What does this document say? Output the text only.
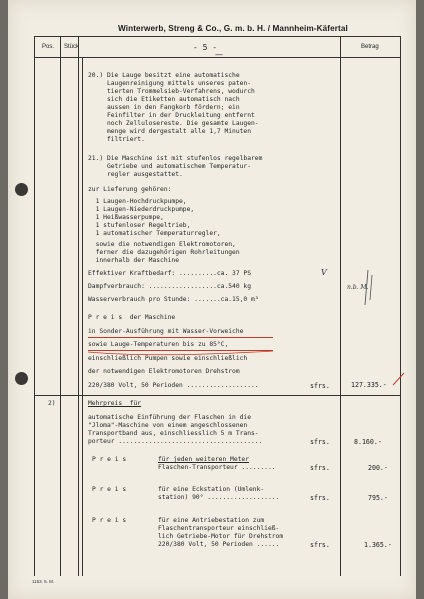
Winterwerb, Streng & Co., G. m. b. H. / Mannheim-Käfertal
Pos. Stück	Betrag
- 5 -
20.) Die Lauge besitzt eine automatische
Laugenreinigung mittels unseres paten-
tierten Trommelsieb-Verfahrens, wodurch
sich die Etiketten automatisch nach
aussen in den Fangkorb fördern; ein
Feinfilter in der Druckleitung entfernt
noch Zellulosereste. Die gesamte Laugen-
menge wird dergestalt alle 1,7 Minuten
filtriert.
21.) Die Maschine ist mit stufenlos regelbarem
Getriebe und automatischem Temperatur-
regler ausgestattet.
zur Lieferung gehören:
1 Laugen-Hochdruckpumpe,
1 Laugen-Niederdruckpumpe,
1 Heißwasserpumpe,
1 stufenloser Regeltrieb,
1 automatischer Temperaturregler,
sowie die notwendigen Elektromotoren,
ferner die dazugehörigen Rohrleitungen
innerhalb der Maschine
Effektiver Kraftbedarf: ..........ca. 37 PS
Dampfverbrauch: ..................ca.540 kg
Wasserverbrauch pro Stunde: .......ca.15,0 m³
P r e i s  der Maschine
in Sonder-Ausführung mit Wasser-Vorweiche
sowie Lauge-Temperaturen bis zu 85°C,
einschließlich Pumpen sowie einschließlich
der notwendigen Elektromotoren Drehstrom
220/380 Volt, 50 Perioden ...................	sfrs.	127.335.-
2)	Mehrpreis  für
automatische Einführung der Flaschen in die
"Jloma"-Maschine von einem angeschlossenen
Transportband aus, einschliesslich 5 m Trans-
porteur ......................................	sfrs.	8.160.-
P r e i s	für jeden weiteren Meter
Flaschen-Transporteur .........	sfrs.	200.-
P r e i s	für eine Eckstation (Umlenk-
station) 90° ...................	sfrs.	795.-
P r e i s	für eine Antriebestation zum
Flaschentransporteur einschließ-
lich Getriebe-Motor für Drehstrom
220/380 Volt, 50 Perioden ......	sfrs.	1.365.-
n.b. M.
V
—
1153. 5. M.
